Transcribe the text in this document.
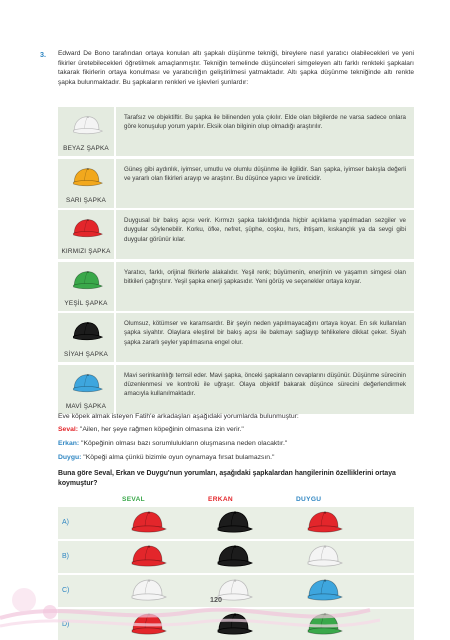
3. Edward De Bono tarafından ortaya konulan altı şapkalı düşünme tekniği, bireylere nasıl yaratıcı olabilecekleri ve yeni fikirler üretebilecekleri öğretilmek amaçlanmıştır. Tekniğin temelinde düşünceleri simgeleyen altı farklı renkteki şapkaları takarak fikirlerin ortaya konulması ve yaratıcılığın geliştirilmesi yatmaktadır. Altı şapka düşünme tekniğinde altı renkte şapka bulunmaktadır. Bu şapkaların renkleri ve işlevleri şunlardır:
BEYAZ ŞAPKA
Tarafsız ve objektiftir. Bu şapka ile bilinenden yola çıkılır. Elde olan bilgilerde ne varsa sadece onlara göre konuşulup yorum yapılır. Eksik olan bilginin olup olmadığı araştırılır.
SARI ŞAPKA
Güneş gibi aydınlık, iyimser, umutlu ve olumlu düşünme ile ilgilidir. Sarı şapka, iyimser bakışla değerli ve yararlı olan fikirleri arayıp ve araştırır. Bu düşünce yapıcı ve üreticidir.
KIRMIZI ŞAPKA
Duygusal bir bakış açısı verir. Kırmızı şapka takıldığında hiçbir açıklama yapılmadan sezgiler ve duygular söylenebilir. Korku, öfke, nefret, şüphe, coşku, hırs, ihtişam, kıskançlık ya da sevgi gibi duygular görünür kılar.
YEŞİL ŞAPKA
Yaratıcı, farklı, orijinal fikirlerle alakalıdır. Yeşil renk; büyümenin, enerjinin ve yaşamın simgesi olan bitkileri çağrıştırır. Yeşil şapka enerji şapkasıdır. Yeni görüş ve seçenekler ortaya koyar.
SİYAH ŞAPKA
Olumsuz, kötümser ve karamsardır. Bir şeyin neden yapılmayacağını ortaya koyar. En sık kullanılan şapka siyahtır. Olaylara eleştirel bir bakış açısı ile bakmayı sağlayıp tehlikelere dikkat çeker. Siyah şapka zararlı şeyler yapılmasına engel olur.
MAVİ ŞAPKA
Mavi serinkanlılığı temsil eder. Mavi şapka, önceki şapkaların cevaplarını düşünür. Düşünme sürecinin düzenlenmesi ve kontrolü ile uğraşır. Olaya objektif bakarak düşünce sürecini değerlendirmek amacıyla kullanılmaktadır.
Eve köpek almak isteyen Fatih'e arkadaşları aşağıdaki yorumlarda bulunmuştur:
Seval: "Ailen, her şeye rağmen köpeğinin olmasına izin verir."
Erkan: "Köpeğinin olması bazı sorumlulukların oluşmasına neden olacaktır."
Duygu: "Köpeği alma çünkü bizimle oyun oynamaya fırsat bulamazsın."
Buna göre Seval, Erkan ve Duygu'nun yorumları, aşağıdaki şapkalardan hangilerinin özelliklerini ortaya koymuştur?
SEVAL	ERKAN	DUYGU
A)
B)
C)
D)
120
